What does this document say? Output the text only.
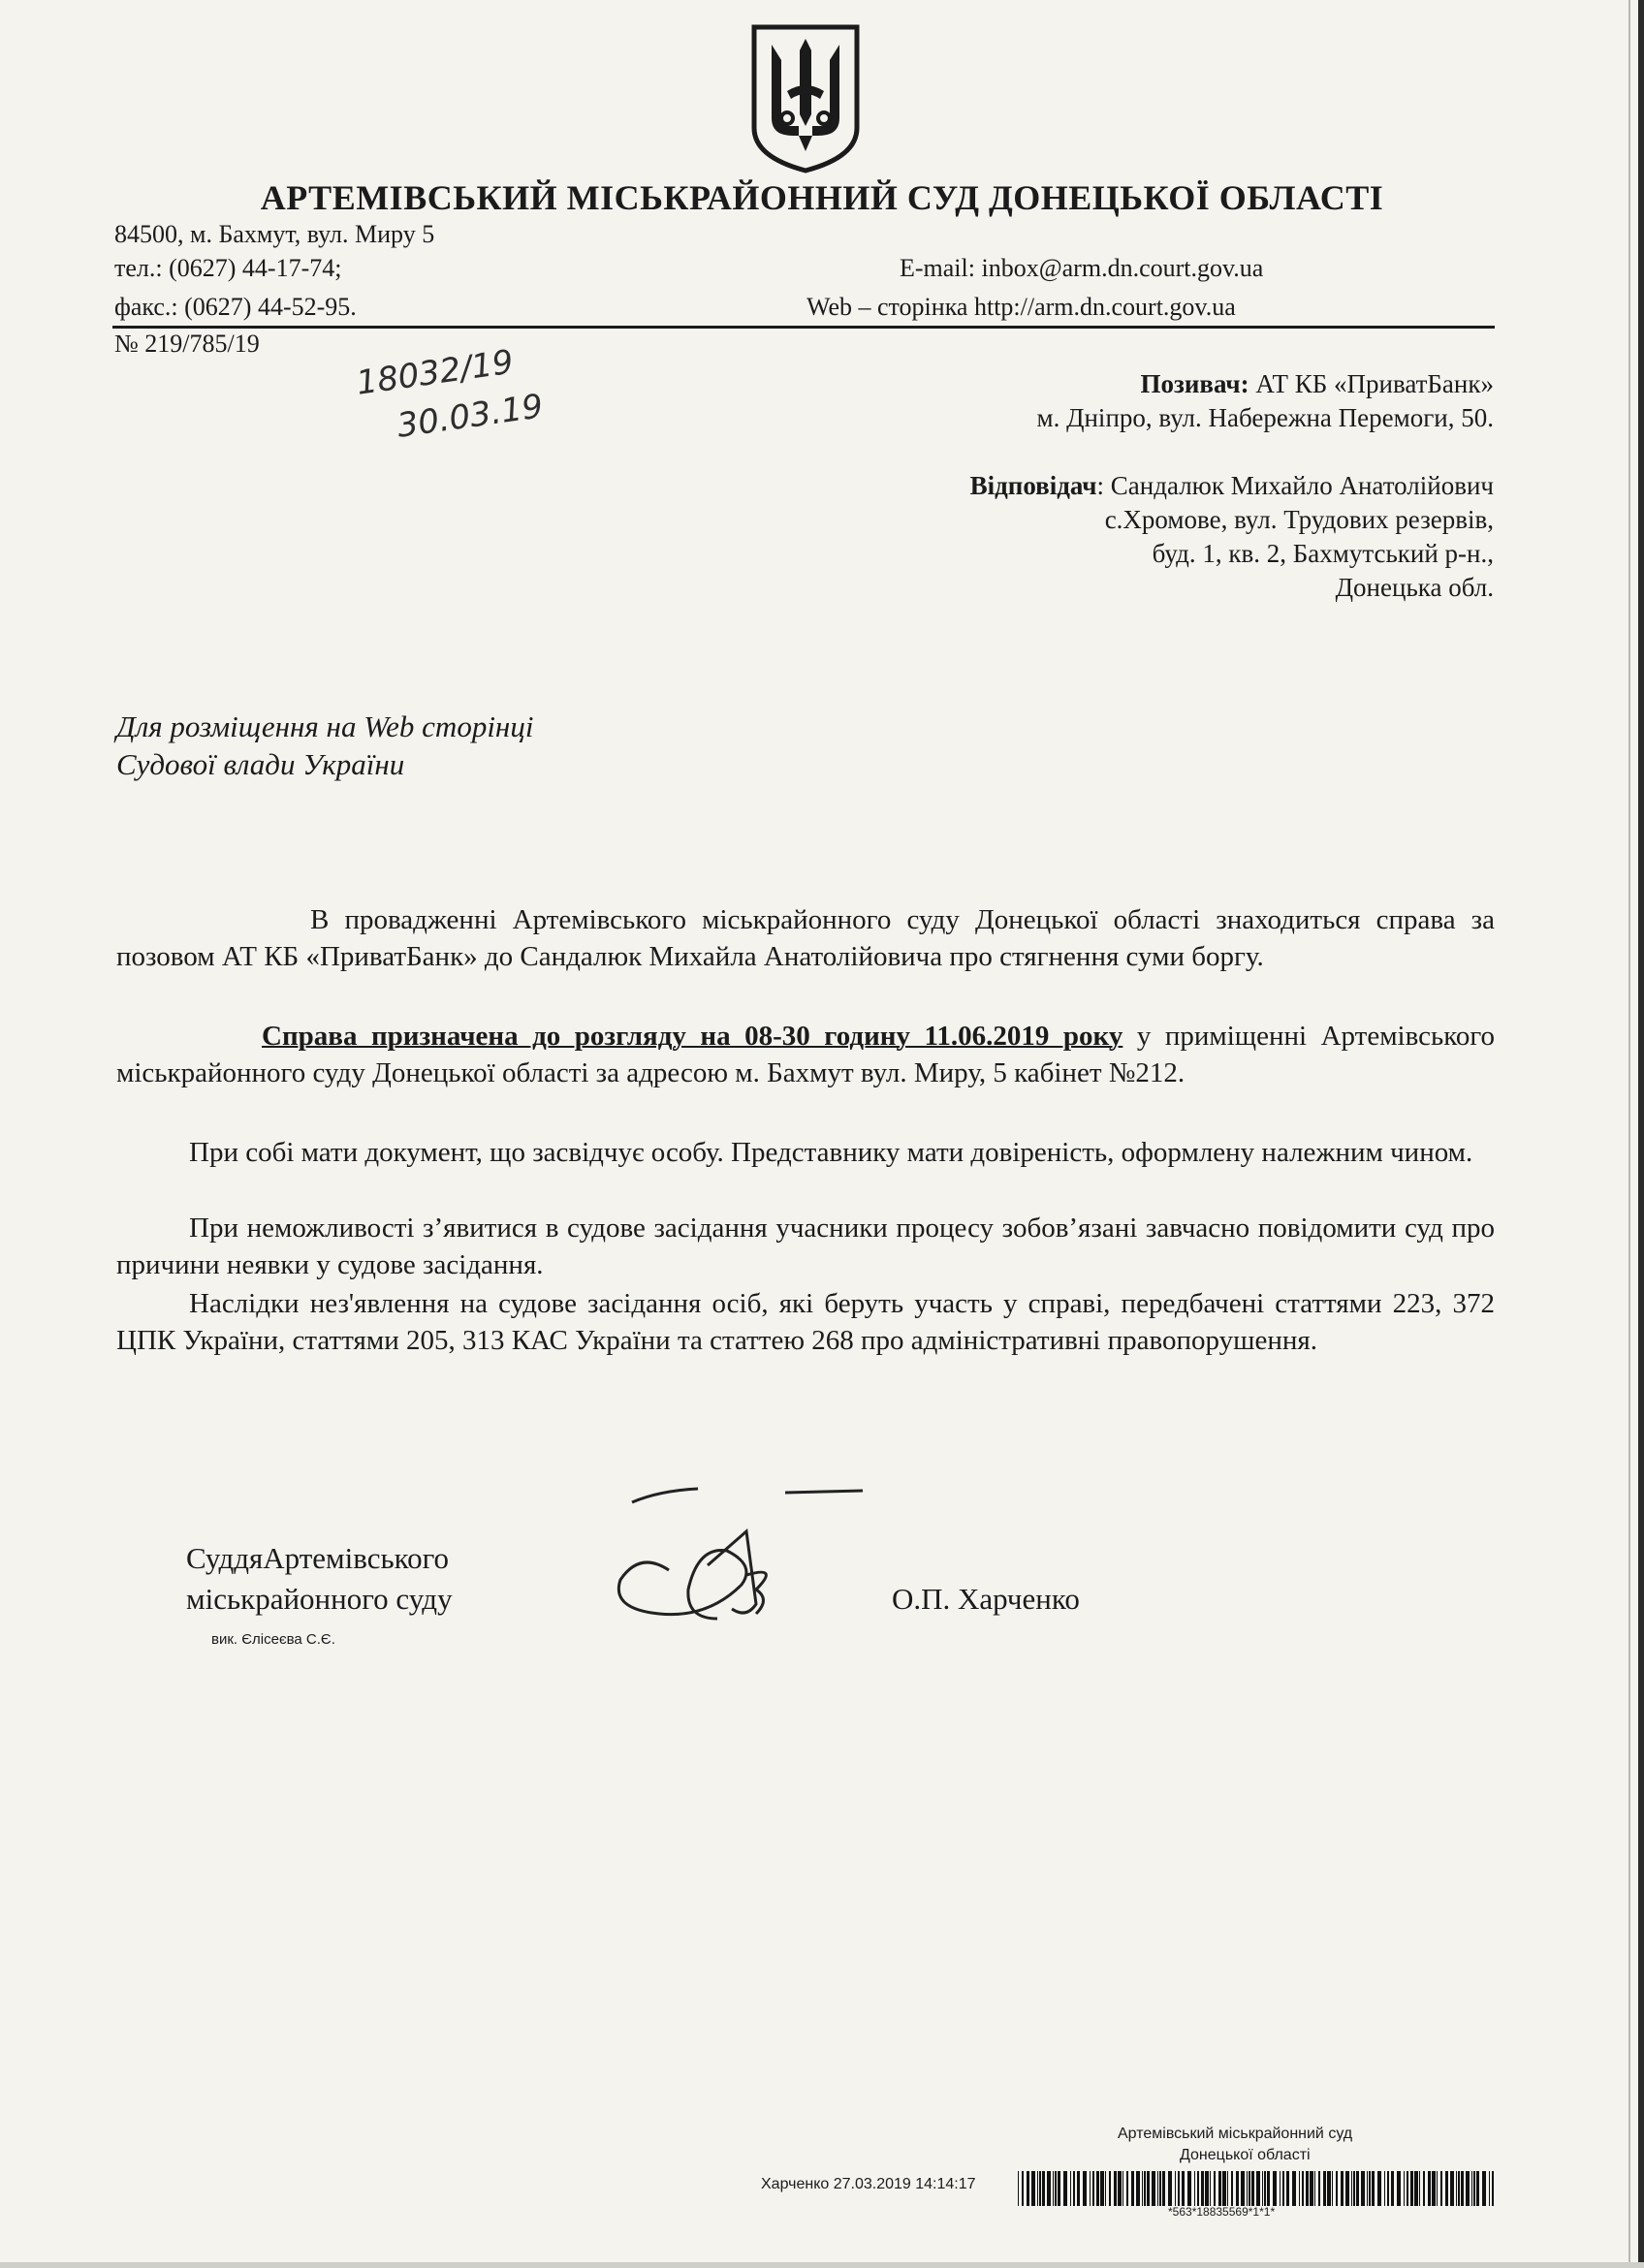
АРТЕМІВСЬКИЙ МІСЬКРАЙОННИЙ СУД ДОНЕЦЬКОЇ ОБЛАСТІ
84500, м. Бахмут, вул. Миру 5
тел.: (0627) 44-17-74;	E-mail: inbox@arm.dn.court.gov.ua
факс.: (0627) 44-52-95.	Web – сторінка http://arm.dn.court.gov.ua
№ 219/785/19	18032/19
30.03.19
Позивач: АТ КБ «ПриватБанк»
м. Дніпро, вул. Набережна Перемоги, 50.
Відповідач: Сандалюк Михайло Анатолійович
с.Хромове, вул. Трудових резервів,
буд. 1, кв. 2, Бахмутський р-н.,
Донецька обл.
Для розміщення на Web сторінці
Судової влади України
В провадженні Артемівського міськрайонного суду Донецької області знаходиться справа за позовом АТ КБ «ПриватБанк» до Сандалюк Михайла Анатолійовича про стягнення суми боргу.
Справа призначена до розгляду на 08-30 годину 11.06.2019 року у приміщенні Артемівського міськрайонного суду Донецької області за адресою м. Бахмут вул. Миру, 5 кабінет №212.
При собі мати документ, що засвідчує особу. Представнику мати довіреність, оформлену належним чином.
При неможливості з’явитися в судове засідання учасники процесу зобов’язані завчасно повідомити суд про причини неявки у судове засідання.
Наслідки нез'явлення на судове засідання осіб, які беруть участь у справі, передбачені статтями 223, 372 ЦПК України, статтями 205, 313 КАС України та статтею 268 про адміністративні правопорушення.
СуддяАртемівського
міськрайонного суду
вик. Єлісеєва С.Є.
О.П. Харченко
Артемівський міськрайонний суд
Донецької області
Харченко 27.03.2019 14:14:17
*563*18835569*1*1*
